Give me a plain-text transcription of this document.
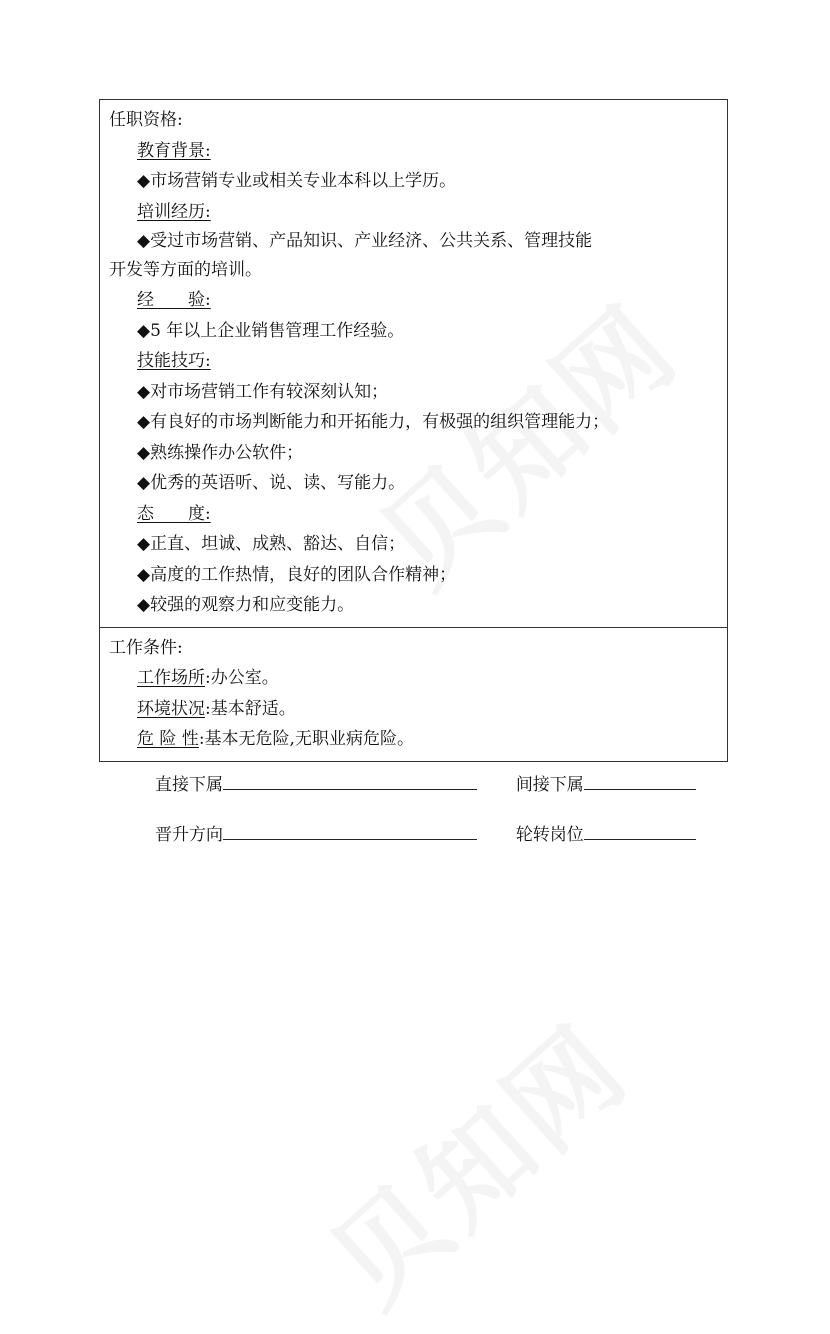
任职资格:
教育背景:
◆市场营销专业或相关专业本科以上学历。
培训经历:
◆受过市场营销、产品知识、产业经济、公共关系、管理技能开发等方面的培训。
经　　验:
◆5 年以上企业销售管理工作经验。
技能技巧:
◆对市场营销工作有较深刻认知；
◆有良好的市场判断能力和开拓能力，有极强的组织管理能力；
◆熟练操作办公软件；
◆优秀的英语听、说、读、写能力。
态　　度:
◆正直、坦诚、成熟、豁达、自信；
◆高度的工作热情，良好的团队合作精神；
◆较强的观察力和应变能力。
工作条件:
工作场所:办公室。
环境状况:基本舒适。
危 险 性:基本无危险,无职业病危险。
直接下属	间接下属
晋升方向	轮转岗位
